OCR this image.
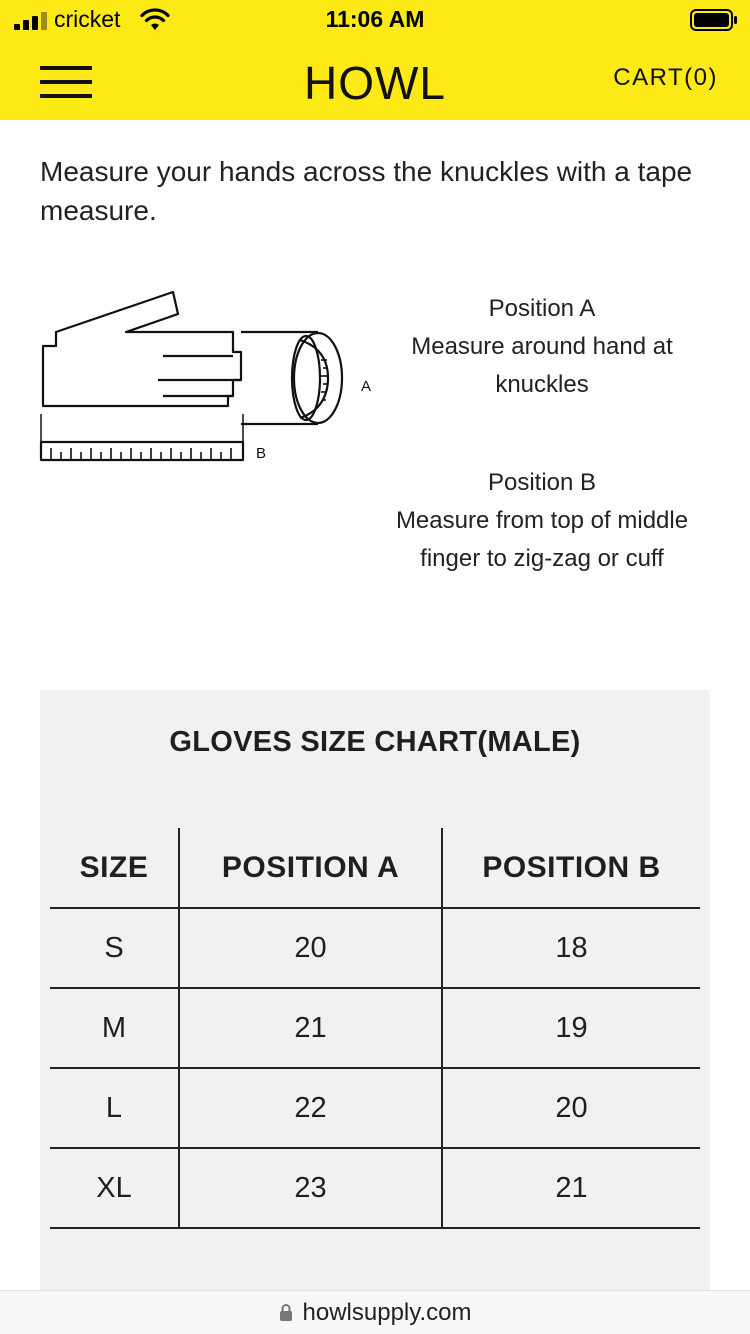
cricket	11:06 AM
HOWL	CART(0)

Measure your hands across the knuckles with a tape measure.

A
B
Position A
Measure around hand at
knuckles
Position B
Measure from top of middle
finger to zig-zag or cuff
GLOVES SIZE CHART(MALE)
SIZE	POSITION A	POSITION B
S	20	18
M	21	19
L	22	20
XL	23	21
howlsupply.com
